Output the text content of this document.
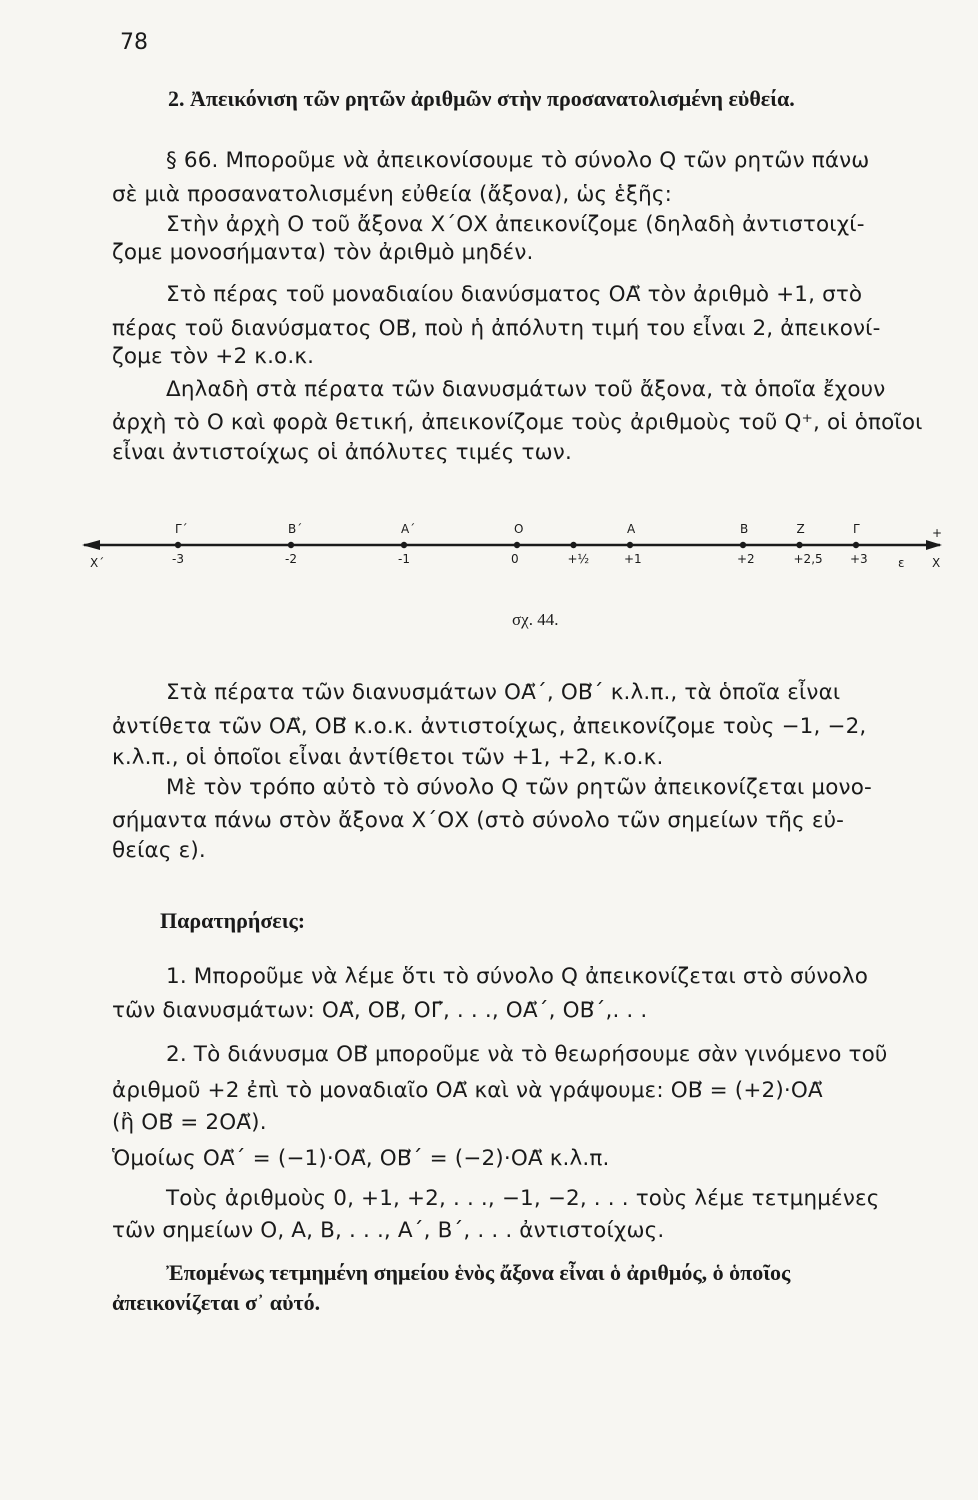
78
2. Ἀπεικόνιση τῶν ρητῶν ἀριθμῶν στὴν προσανατολισμένη εὐθεία.
§ 66. Μποροῦμε νὰ ἀπεικονίσουμε τὸ σύνολο Q τῶν ρητῶν πάνω
σὲ μιὰ προσανατολισμένη εὐθεία (ἄξονα), ὡς ἑξῆς:
Στὴν ἀρχὴ Ο τοῦ ἄξονα Χ΄ΟΧ ἀπεικονίζομε (δηλαδὴ ἀντιστοιχί-
ζομε μονοσήμαντα) τὸν ἀριθμὸ μηδέν.
Στὸ πέρας τοῦ μοναδιαίου διανύσματος ΟΑ⃗ τὸν ἀριθμὸ +1, στὸ
πέρας τοῦ διανύσματος ΟΒ⃗, ποὺ ἡ ἀπόλυτη τιμή του εἶναι 2, ἀπεικονί-
ζομε τὸν +2 κ.ο.κ.
Δηλαδὴ στὰ πέρατα τῶν διανυσμάτων τοῦ ἄξονα, τὰ ὁποῖα ἔχουν
ἀρχὴ τὸ Ο καὶ φορὰ θετική, ἀπεικονίζομε τοὺς ἀριθμοὺς τοῦ Q⁺, οἱ ὁποῖοι
εἶναι ἀντιστοίχως οἱ ἀπόλυτες τιμές των.
Γ΄
-3
Β΄
-2
Α΄
-1
Ο
0	+½
Α
+1
Β
+2
Ζ
+2,5
Γ
+3
Χ΄	Χ
+
ε
σχ. 44.
Στὰ πέρατα τῶν διανυσμάτων ΟΑ⃗΄, ΟΒ⃗΄ κ.λ.π., τὰ ὁποῖα εἶναι
ἀντίθετα τῶν ΟΑ⃗, ΟΒ⃗ κ.ο.κ. ἀντιστοίχως, ἀπεικονίζομε τοὺς −1, −2,
κ.λ.π., οἱ ὁποῖοι εἶναι ἀντίθετοι τῶν +1, +2, κ.ο.κ.
Μὲ τὸν τρόπο αὐτὸ τὸ σύνολο Q τῶν ρητῶν ἀπεικονίζεται μονο-
σήμαντα πάνω στὸν ἄξονα Χ΄ΟΧ (στὸ σύνολο τῶν σημείων τῆς εὐ-
θείας ε).
Παρατηρήσεις:
1. Μποροῦμε νὰ λέμε ὅτι τὸ σύνολο Q ἀπεικονίζεται στὸ σύνολο
τῶν διανυσμάτων: ΟΑ⃗, ΟΒ⃗, ΟΓ⃗, . . ., ΟΑ⃗΄, ΟΒ⃗΄,. . .
2. Τὸ διάνυσμα ΟΒ⃗ μποροῦμε νὰ τὸ θεωρήσουμε σὰν γινόμενο τοῦ
ἀριθμοῦ +2 ἐπὶ τὸ μοναδιαῖο ΟΑ⃗ καὶ νὰ γράψουμε: ΟΒ⃗ = (+2)·ΟΑ⃗
(ἢ ΟΒ⃗ = 2ΟΑ⃗).
Ὁμοίως ΟΑ⃗΄ = (−1)·ΟΑ⃗, ΟΒ⃗΄ = (−2)·ΟΑ⃗ κ.λ.π.
Τοὺς ἀριθμοὺς 0, +1, +2, . . ., −1, −2, . . . τοὺς λέμε τετμημένες
τῶν σημείων Ο, Α, Β, . . ., Α΄, Β΄, . . . ἀντιστοίχως.
Ἐπομένως τετμημένη σημείου ἑνὸς ἄξονα εἶναι ὁ ἀριθμός, ὁ ὁποῖος
ἀπεικονίζεται σ᾿ αὐτό.
